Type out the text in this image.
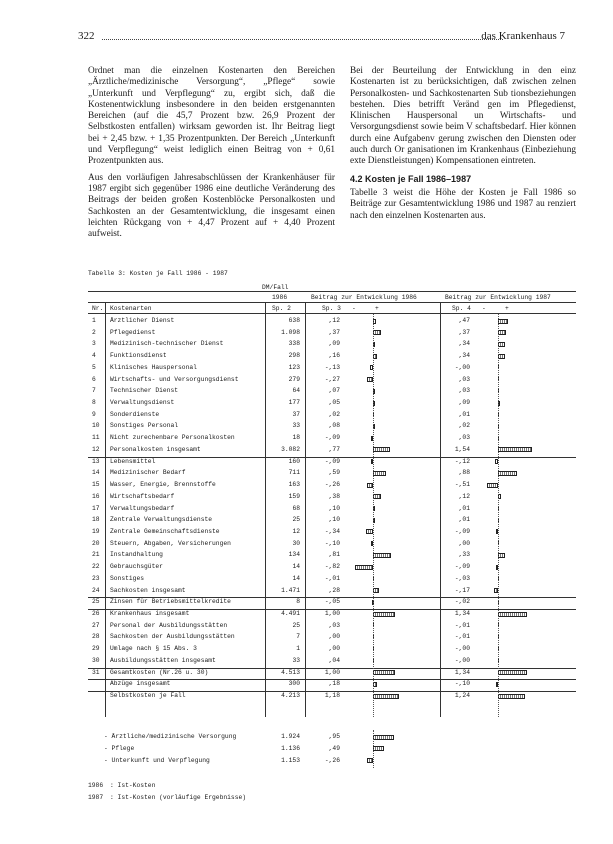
322	das Krankenhaus 7

Ordnet man die einzelnen Kostenarten den Bereichen „Ärztliche/medizinische Versorgung“, „Pflege“ sowie „Unterkunft und Verpflegung“ zu, ergibt sich, daß die Kostenentwicklung insbesondere in den beiden erstgenannten Bereichen (auf die 45,7 Prozent bzw. 26,9 Prozent der Selbstkosten entfallen) wirksam geworden ist. Ihr Beitrag liegt bei + 2,45 bzw. + 1,35 Prozentpunkten. Der Bereich „Unterkunft und Verpflegung“ weist lediglich einen Beitrag von + 0,61 Prozentpunkten aus.

Aus den vorläufigen Jahresabschlüssen der Krankenhäuser für 1987 ergibt sich gegenüber 1986 eine deutliche Veränderung des Beitrags der beiden großen Kostenblöcke Personalkosten und Sachkosten an der Gesamtentwicklung, die insgesamt einen leichten Rückgang von + 4,47 Prozent auf + 4,40 Prozent aufweist.

Bei der Beurteilung der Entwicklung in den einz Kostenarten ist zu berücksichtigen, daß zwischen zelnen Personalkosten- und Sachkostenarten Sub tionsbeziehungen bestehen. Dies betrifft Veränd gen im Pflegedienst, Klinischen Hauspersonal un Wirtschafts- und Versorgungsdienst sowie beim V schaftsbedarf. Hier können durch eine Aufgabenv gerung zwischen den Diensten oder auch durch Or ganisationen im Krankenhaus (Einbeziehung exte Dienstleistungen) Kompensationen eintreten.

4.2 Kosten je Fall 1986–1987

Tabelle 3 weist die Höhe der Kosten je Fall 1986 so Beiträge zur Gesamtentwicklung 1986 und 1987 au renziert nach den einzelnen Kostenarten aus.

Tabelle 3: Kosten je Fall 1986 - 1987
DM/Fall
1986	Beitrag zur Entwicklung 1986	Beitrag zur Entwicklung 1987
Nr. Kostenarten	Sp. 2	Sp. 3 -	+	Sp. 4 -	+
1 Ärztlicher Dienst	638	,12	,47
2 Pflegedienst	1.098	,37	,37
3 Medizinisch-technischer Dienst	338	,09	,34
4 Funktionsdienst	298	,16	,34
5 Klinisches Hauspersonal	123	-,13	-,00
6 Wirtschafts- und Versorgungsdienst	279	-,27	,03
7 Technischer Dienst	64	,07	,03
8 Verwaltungsdienst	177	,05	,09
9 Sonderdienste	37	,02	,01
10 Sonstiges Personal	33	,08	,02
11 Nicht zurechenbare Personalkosten	18	-,09	,03
12 Personalkosten insgesamt	3.082	,77	1,54
13 Lebensmittel	160	-,09	-,12
14 Medizinischer Bedarf	711	,59	,88
15 Wasser, Energie, Brennstoffe	163	-,26	-,51
16 Wirtschaftsbedarf	159	,38	,12
17 Verwaltungsbedarf	68	,10	,01
18 Zentrale Verwaltungsdienste	25	,10	,01
19 Zentrale Gemeinschaftsdienste	12	-,34	-,09
20 Steuern, Abgaben, Versicherungen	30	-,10	,00
21 Instandhaltung	134	,81	,33
22 Gebrauchsgüter	14	-,82	-,09
23 Sonstiges	14	-,01	-,03
24 Sachkosten insgesamt	1.471	,28	-,17
25 Zinsen für Betriebsmittelkredite	8	-,05	-,02
26 Krankenhaus insgesamt	4.491	1,00	1,34
27 Personal der Ausbildungsstätten	25	,03	-,01
28 Sachkosten der Ausbildungsstätten	7	,00	-,01
29 Umlage nach § 15 Abs. 3	1	,00	-,00
30 Ausbildungsstätten insgesamt	33	,04	-,00
31 Gesamtkosten (Nr.26 u. 30)	4.513	1,00	1,34
Abzüge insgesamt	300	,18	-,10
Selbstkosten je Fall	4.213	1,18	1,24
- Ärztliche/medizinische Versorgung	1.924	,95
- Pflege	1.136	,49
- Unterkunft und Verpflegung	1.153	-,26
1986 : Ist-Kosten
1987 : Ist-Kosten (vorläufige Ergebnisse)
